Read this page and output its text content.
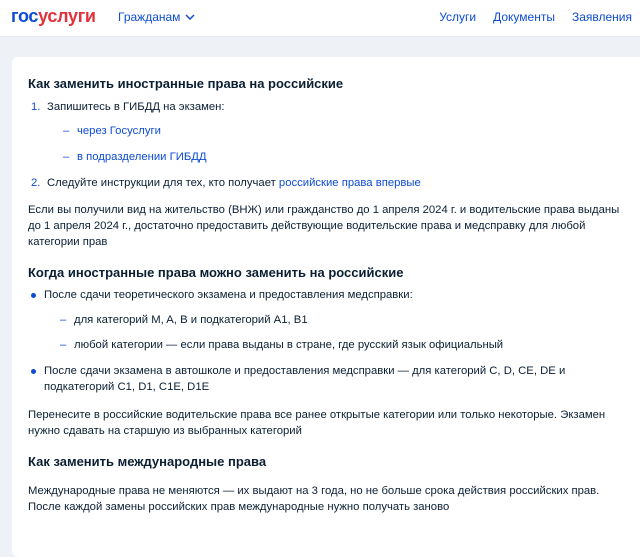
госуслуги Гражданам	Услуги Документы Заявления
Как заменить иностранные права на российские
1. Запишитесь в ГИБДД на экзамен:
– через Госуслуги
– в подразделении ГИБДД
2. Следуйте инструкции для тех, кто получает российские права впервые

Если вы получили вид на жительство (ВНЖ) или гражданство до 1 апреля 2024 г. и водительские права выданы до 1 апреля 2024 г., достаточно предоставить действующие водительские права и медсправку для любой категории прав

Когда иностранные права можно заменить на российские
После сдачи теоретического экзамена и предоставления медсправки:
– для категорий M, A, B и подкатегорий A1, B1
– любой категории — если права выданы в стране, где русский язык официальный
После сдачи экзамена в автошколе и предоставления медсправки — для категорий C, D, CE, DE и подкатегорий C1, D1, C1E, D1E

Перенесите в российские водительские права все ранее открытые категории или только некоторые. Экзамен нужно сдавать на старшую из выбранных категорий

Как заменить международные права

Международные права не меняются — их выдают на 3 года, но не больше срока действия российских прав. После каждой замены российских прав международные нужно получать заново
